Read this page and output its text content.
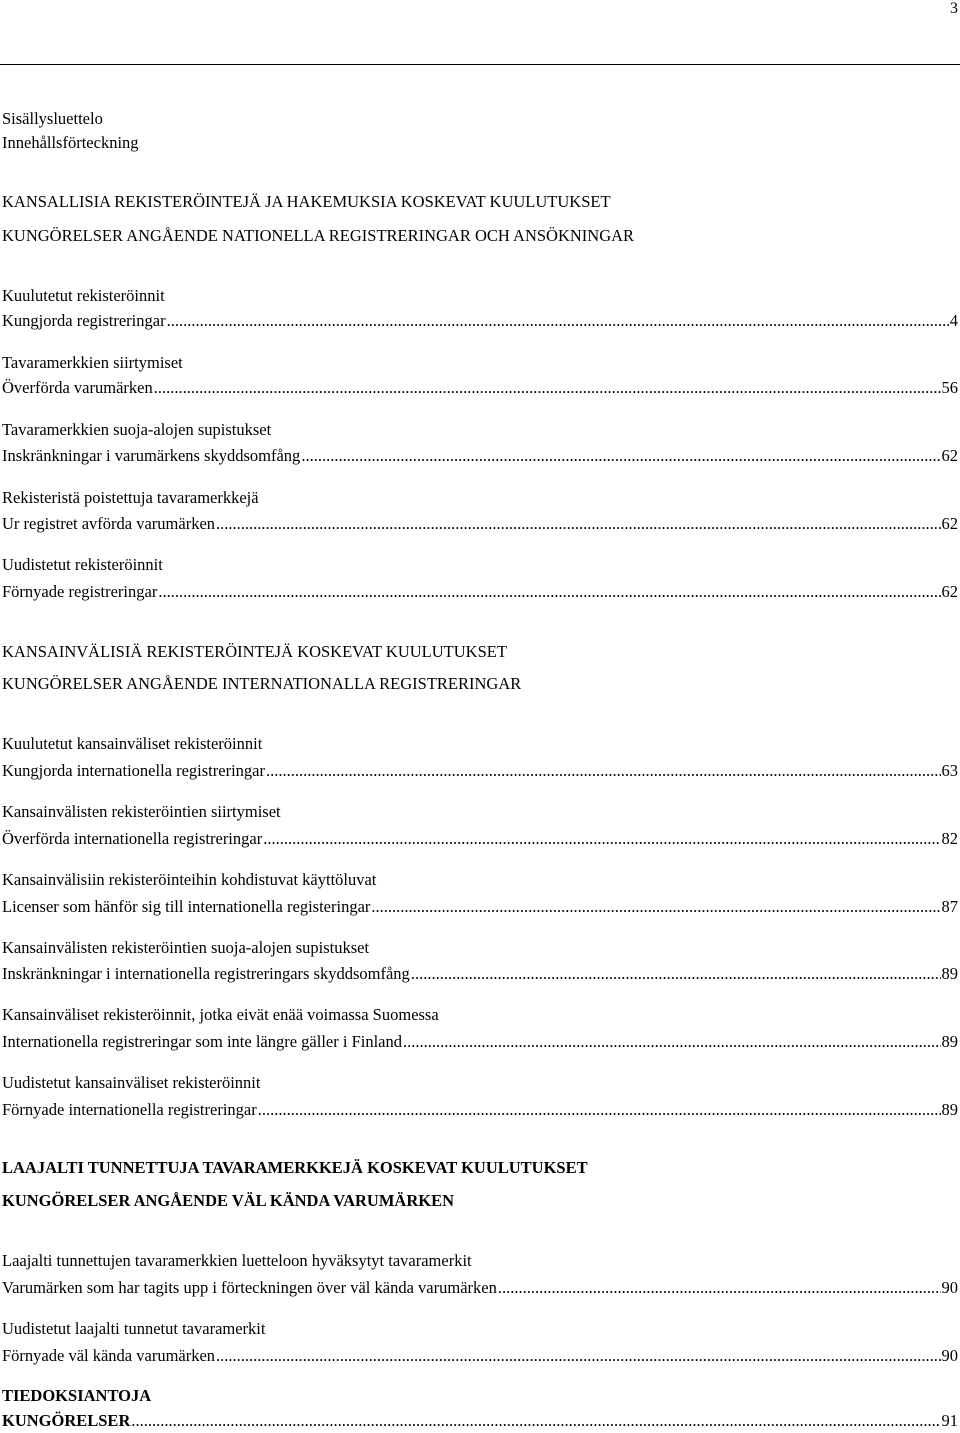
3
Sisällysluettelo
Innehållsförteckning
KANSALLISIA REKISTERÖINTEJÄ JA HAKEMUKSIA KOSKEVAT KUULUTUKSET
KUNGÖRELSER ANGÅENDE NATIONELLA REGISTRERINGAR OCH ANSÖKNINGAR
Kuulutetut rekisteröinnit
Kungjorda registreringar .....	4
Tavaramerkkien siirtymiset
Överförda varumärken .....	56
Tavaramerkkien suoja-alojen supistukset
Inskränkningar i varumärkens skyddsomfång .....	62
Rekisteristä poistettuja tavaramerkkejä
Ur registret avförda varumärken .....	62
Uudistetut rekisteröinnit
Förnyade registreringar .....	62
KANSAINVÄLISIÄ REKISTERÖINTEJÄ KOSKEVAT KUULUTUKSET
KUNGÖRELSER ANGÅENDE INTERNATIONALLA REGISTRERINGAR
Kuulutetut kansainväliset rekisteröinnit
Kungjorda internationella registreringar .....	63
Kansainvälisten rekisteröintien siirtymiset
Överförda internationella registreringar .....	82
Kansainvälisiin rekisteröinteihin kohdistuvat käyttöluvat
Licenser som hänför sig till internationella registeringar .....	87
Kansainvälisten rekisteröintien suoja-alojen supistukset
Inskränkningar i internationella registreringars skyddsomfång .....	89
Kansainväliset rekisteröinnit, jotka eivät enää voimassa Suomessa
Internationella registreringar som inte längre gäller i Finland .....	89
Uudistetut kansainväliset rekisteröinnit
Förnyade internationella registreringar .....	89
LAAJALTI TUNNETTUJA TAVARAMERKKEJÄ KOSKEVAT KUULUTUKSET
KUNGÖRELSER ANGÅENDE VÄL KÄNDA VARUMÄRKEN
Laajalti tunnettujen tavaramerkkien luetteloon hyväksytyt tavaramerkit
Varumärken som har tagits upp i förteckningen över väl kända varumärken .....	90
Uudistetut laajalti tunnetut tavaramerkit
Förnyade väl kända varumärken .....	90
TIEDOKSIANTOJA
KUNGÖRELSER .....	91
